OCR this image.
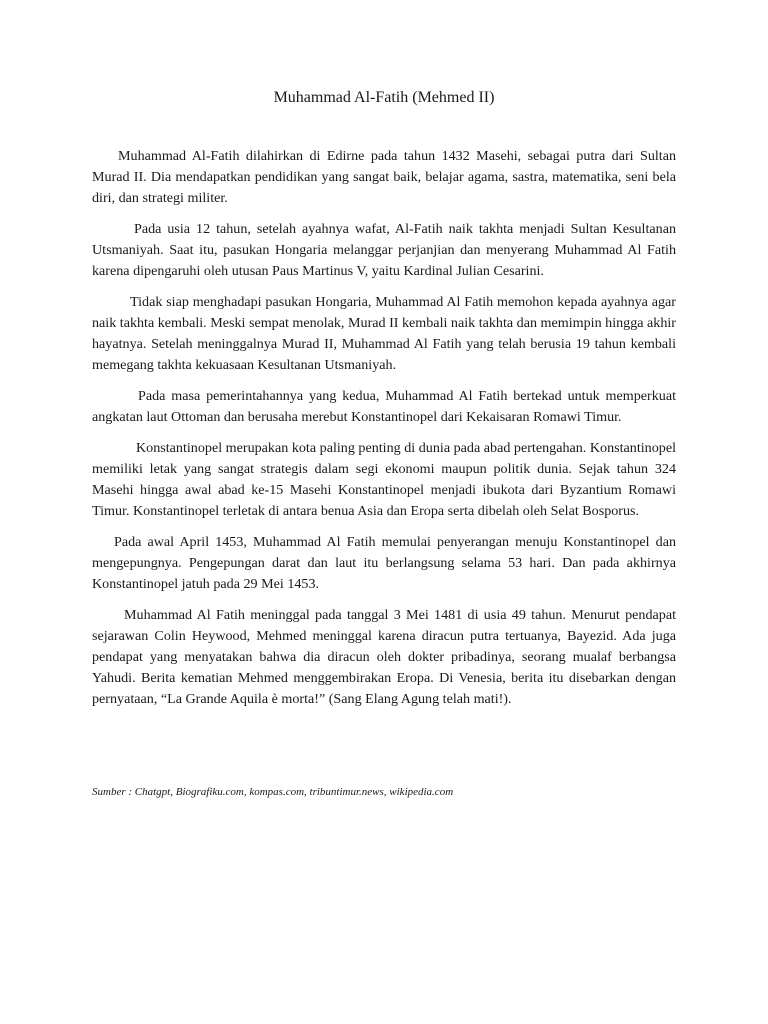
Muhammad Al-Fatih (Mehmed II)

Muhammad Al-Fatih dilahirkan di Edirne pada tahun 1432 Masehi, sebagai putra dari Sultan Murad II. Dia mendapatkan pendidikan yang sangat baik, belajar agama, sastra, matematika, seni bela diri, dan strategi militer.

Pada usia 12 tahun, setelah ayahnya wafat, Al-Fatih naik takhta menjadi Sultan Kesultanan Utsmaniyah. Saat itu, pasukan Hongaria melanggar perjanjian dan menyerang Muhammad Al Fatih karena dipengaruhi oleh utusan Paus Martinus V, yaitu Kardinal Julian Cesarini.

Tidak siap menghadapi pasukan Hongaria, Muhammad Al Fatih memohon kepada ayahnya agar naik takhta kembali. Meski sempat menolak, Murad II kembali naik takhta dan memimpin hingga akhir hayatnya. Setelah meninggalnya Murad II, Muhammad Al Fatih yang telah berusia 19 tahun kembali memegang takhta kekuasaan Kesultanan Utsmaniyah.

Pada masa pemerintahannya yang kedua, Muhammad Al Fatih bertekad untuk memperkuat angkatan laut Ottoman dan berusaha merebut Konstantinopel dari Kekaisaran Romawi Timur.

Konstantinopel merupakan kota paling penting di dunia pada abad pertengahan. Konstantinopel memiliki letak yang sangat strategis dalam segi ekonomi maupun politik dunia. Sejak tahun 324 Masehi hingga awal abad ke-15 Masehi Konstantinopel menjadi ibukota dari Byzantium Romawi Timur. Konstantinopel terletak di antara benua Asia dan Eropa serta dibelah oleh Selat Bosporus.

Pada awal April 1453, Muhammad Al Fatih memulai penyerangan menuju Konstantinopel dan mengepungnya. Pengepungan darat dan laut itu berlangsung selama 53 hari. Dan pada akhirnya Konstantinopel jatuh pada 29 Mei 1453.

Muhammad Al Fatih meninggal pada tanggal 3 Mei 1481 di usia 49 tahun. Menurut pendapat sejarawan Colin Heywood, Mehmed meninggal karena diracun putra tertuanya, Bayezid. Ada juga pendapat yang menyatakan bahwa dia diracun oleh dokter pribadinya, seorang mualaf berbangsa Yahudi. Berita kematian Mehmed menggembirakan Eropa. Di Venesia, berita itu disebarkan dengan pernyataan, “La Grande Aquila è morta!” (Sang Elang Agung telah mati!).

Sumber : Chatgpt, Biografiku.com, kompas.com, tribuntimur.news, wikipedia.com
